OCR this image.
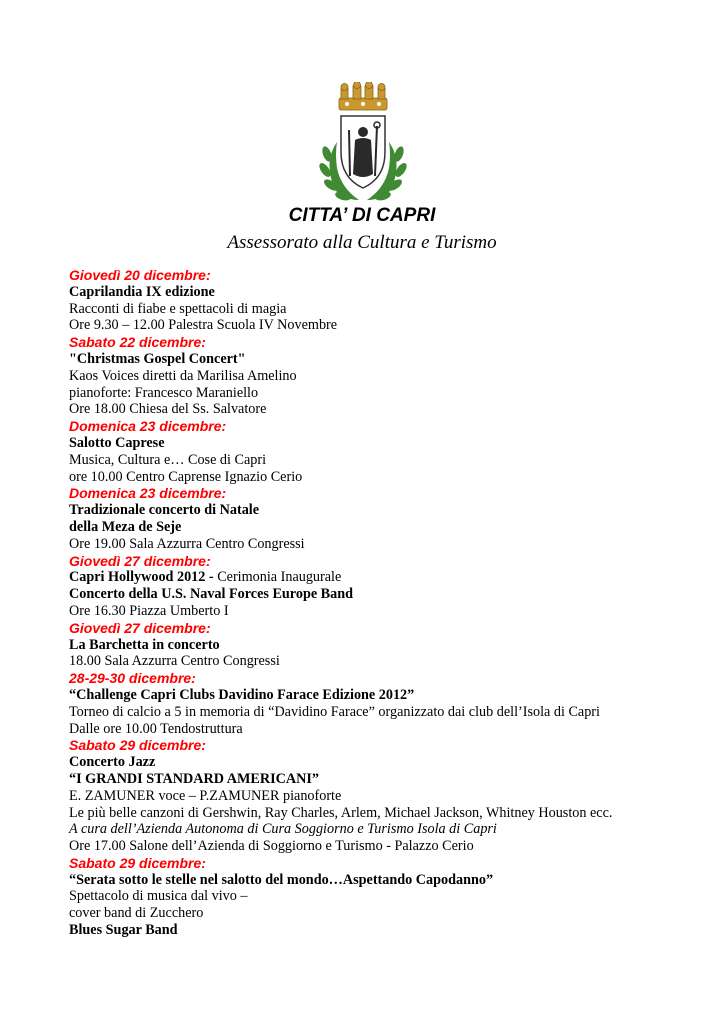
CITTA’ DI CAPRI
Assessorato alla Cultura e Turismo
Giovedì 20 dicembre:
Caprilandia IX edizione
Racconti di fiabe e spettacoli di magia
Ore 9.30 – 12.00 Palestra Scuola IV Novembre
Sabato 22 dicembre:
"Christmas Gospel Concert"
Kaos Voices diretti da Marilisa Amelino
pianoforte: Francesco Maraniello
Ore 18.00 Chiesa del Ss. Salvatore
Domenica 23 dicembre:
Salotto Caprese
Musica, Cultura e… Cose di Capri
ore 10.00 Centro Caprense Ignazio Cerio
Domenica 23 dicembre:
Tradizionale concerto di Natale
della Meza de Seje
Ore 19.00 Sala Azzurra Centro Congressi
Giovedì 27 dicembre:
Capri Hollywood 2012 - Cerimonia Inaugurale
Concerto della U.S. Naval Forces Europe Band
Ore 16.30 Piazza Umberto I
Giovedì 27 dicembre:
La Barchetta in concerto
18.00 Sala Azzurra Centro Congressi
28-29-30 dicembre:
“Challenge Capri Clubs Davidino Farace Edizione 2012”
Torneo di calcio a 5 in memoria di “Davidino Farace” organizzato dai club dell’Isola di Capri
Dalle ore 10.00 Tendostruttura
Sabato 29 dicembre:
Concerto Jazz
“I GRANDI STANDARD AMERICANI”
E. ZAMUNER voce – P.ZAMUNER pianoforte
Le più belle canzoni di Gershwin, Ray Charles, Arlem, Michael Jackson, Whitney Houston ecc.
A cura dell’Azienda Autonoma di Cura Soggiorno e Turismo Isola di Capri
Ore 17.00 Salone dell’Azienda di Soggiorno e Turismo - Palazzo Cerio
Sabato 29 dicembre:
“Serata sotto le stelle nel salotto del mondo…Aspettando Capodanno”
Spettacolo di musica dal vivo –
cover band di Zucchero
Blues Sugar Band
